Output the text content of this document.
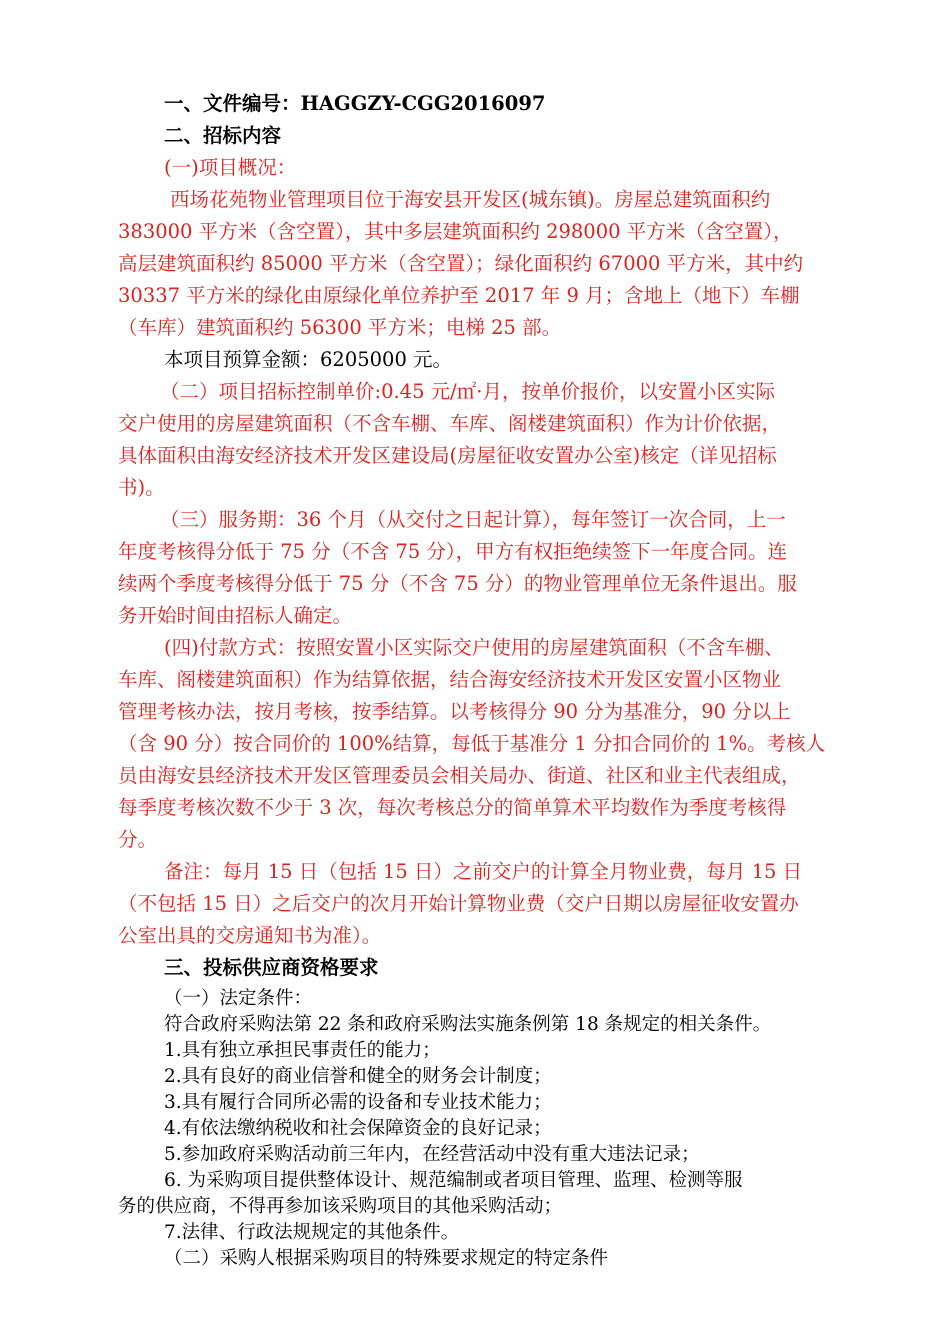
一、文件编号：HAGGZY-CGG2016097
二、招标内容
(一)项目概况：
西场花苑物业管理项目位于海安县开发区(城东镇)。房屋总建筑面积约
383000 平方米（含空置），其中多层建筑面积约 298000 平方米（含空置），
高层建筑面积约 85000 平方米（含空置）；绿化面积约 67000 平方米，其中约
30337 平方米的绿化由原绿化单位养护至 2017 年 9 月；含地上（地下）车棚
（车库）建筑面积约 56300 平方米；电梯 25 部。
本项目预算金额：6205000 元。
（二）项目招标控制单价:0.45 元/㎡·月，按单价报价，以安置小区实际
交户使用的房屋建筑面积（不含车棚、车库、阁楼建筑面积）作为计价依据，
具体面积由海安经济技术开发区建设局(房屋征收安置办公室)核定（详见招标
书)。
（三）服务期：36 个月（从交付之日起计算），每年签订一次合同，上一
年度考核得分低于 75 分（不含 75 分），甲方有权拒绝续签下一年度合同。连
续两个季度考核得分低于 75 分（不含 75 分）的物业管理单位无条件退出。服
务开始时间由招标人确定。
(四)付款方式：按照安置小区实际交户使用的房屋建筑面积（不含车棚、
车库、阁楼建筑面积）作为结算依据，结合海安经济技术开发区安置小区物业
管理考核办法，按月考核，按季结算。以考核得分 90 分为基准分，90 分以上
（含 90 分）按合同价的 100%结算，每低于基准分 1 分扣合同价的 1%。考核人
员由海安县经济技术开发区管理委员会相关局办、街道、社区和业主代表组成，
每季度考核次数不少于 3 次，每次考核总分的简单算术平均数作为季度考核得
分。
备注：每月 15 日（包括 15 日）之前交户的计算全月物业费，每月 15 日
（不包括 15 日）之后交户的次月开始计算物业费（交户日期以房屋征收安置办
公室出具的交房通知书为准）。
三、投标供应商资格要求
（一）法定条件：
符合政府采购法第 22 条和政府采购法实施条例第 18 条规定的相关条件。
1.具有独立承担民事责任的能力；
2.具有良好的商业信誉和健全的财务会计制度；
3.具有履行合同所必需的设备和专业技术能力；
4.有依法缴纳税收和社会保障资金的良好记录；
5.参加政府采购活动前三年内，在经营活动中没有重大违法记录；
6. 为采购项目提供整体设计、规范编制或者项目管理、监理、检测等服
务的供应商，不得再参加该采购项目的其他采购活动；
7.法律、行政法规规定的其他条件。
（二）采购人根据采购项目的特殊要求规定的特定条件
